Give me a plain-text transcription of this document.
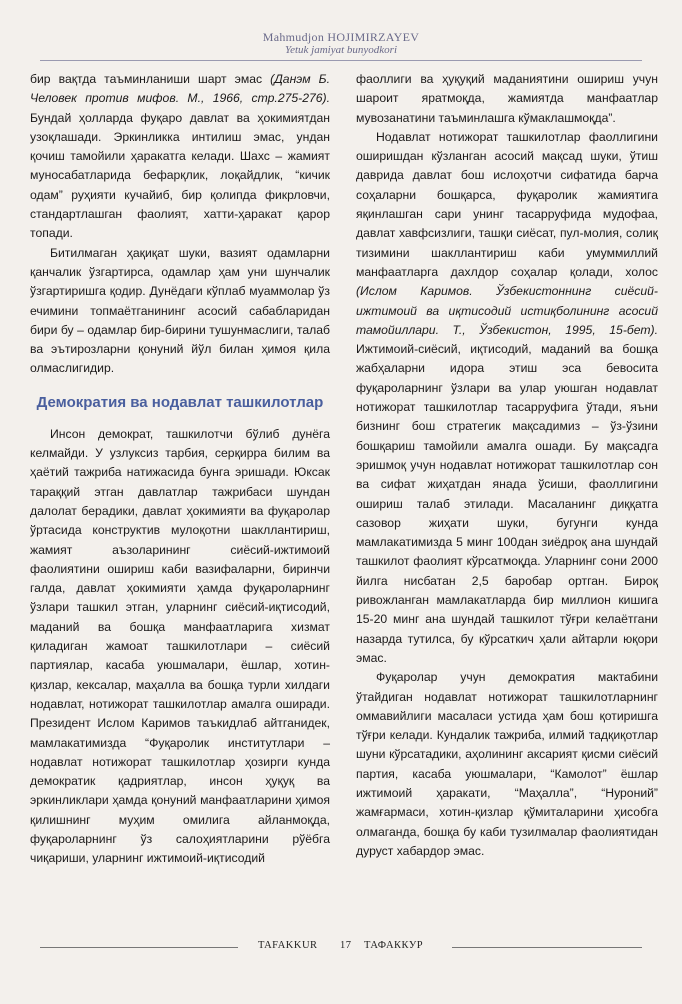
Mahmudjon HOJIMIRZAYEV
Yetuk jamiyat bunyodkori

бир вақтда таъминланиши шарт эмас (Данэм Б. Человек против мифов. М., 1966, стр.275-276). Бундай ҳолларда фуқаро давлат ва ҳокимиятдан узоқлашади. Эркинликка интилиш эмас, ундан қочиш тамойили ҳаракатга келади. Шахс – жамият муносабатларида бефарқлик, лоқайдлик, “кичик одам” руҳияти кучайиб, бир қолипда фикрловчи, стандартлашган фаолият, хатти-ҳаракат қарор топади.

Битилмаган ҳақиқат шуки, вазият одамларни қанчалик ўзгартирса, одамлар ҳам уни шунчалик ўзгартиришга қодир. Дунёдаги кўплаб муаммолар ўз ечимини топмаётганининг асосий сабабларидан бири бу – одамлар бир-бирини тушунмаслиги, талаб ва эътирозларни қонуний йўл билан ҳимоя қила олмаслигидир.

Демократия ва нодавлат ташкилотлар

Инсон демократ, ташкилотчи бўлиб дунёга келмайди. У узлуксиз тарбия, серқирра билим ва ҳаётий тажриба натижасида бунга эришади. Юксак тараққий этган давлатлар тажрибаси шундан далолат берадики, давлат ҳокимияти ва фуқаролар ўртасида конструктив мулоқотни шакллантириш, жамият аъзоларининг сиёсий-ижтимоий фаолиятини ошириш каби вазифаларни, биринчи галда, давлат ҳокимияти ҳамда фуқароларнинг ўзлари ташкил этган, уларнинг сиёсий-иқтисодий, маданий ва бошқа манфаатларига хизмат қиладиган жамоат ташкилотлари – сиёсий партиялар, касаба уюшмалари, ёшлар, хотин-қизлар, кексалар, маҳалла ва бошқа турли хилдаги нодавлат, нотижорат ташкилотлар амалга оширади. Президент Ислом Каримов таъкидлаб айтганидек, мамлакатимизда “Фуқаролик институтлари – нодавлат нотижорат ташкилотлар ҳозирги кунда демократик қадриятлар, инсон ҳуқуқ ва эркинликлари ҳамда қонуний манфаатларини ҳимоя қилишнинг муҳим омилига айланмоқда, фуқароларнинг ўз салоҳиятларини рўёбга чиқариши, уларнинг ижтимоий-иқтисодий

фаоллиги ва ҳуқуқий маданиятини ошириш учун шароит яратмоқда, жамиятда манфаатлар мувозанатини таъминлашга кўмаклашмоқда”.

Нодавлат нотижорат ташкилотлар фаоллигини оширишдан кўзланган асосий мақсад шуки, ўтиш даврида давлат бош ислоҳотчи сифатида барча соҳаларни бошқарса, фуқаролик жамиятига яқинлашган сари унинг тасарруфида мудофаа, давлат хавфсизлиги, ташқи сиёсат, пул-молия, солиқ тизимини шакллантириш каби умуммиллий манфаатларга дахлдор соҳалар қолади, холос (Ислом Каримов. Ўзбекистоннинг сиёсий-ижтимоий ва иқтисодий истиқболининг асосий тамойиллари. Т., Ўзбекистон, 1995, 15-бет). Ижтимоий-сиёсий, иқтисодий, маданий ва бошқа жабҳаларни идора этиш эса бевосита фуқароларнинг ўзлари ва улар уюшган нодавлат нотижорат ташкилотлар тасарруфига ўтади, яъни бизнинг бош стратегик мақсадимиз – ўз-ўзини бошқариш тамойили амалга ошади. Бу мақсадга эришмоқ учун нодавлат нотижорат ташкилотлар сон ва сифат жиҳатдан янада ўсиши, фаоллигини ошириш талаб этилади. Масаланинг диққатга сазовор жиҳати шуки, бугунги кунда мамлакатимизда 5 минг 100дан зиёдроқ ана шундай ташкилот фаолият кўрсатмоқда. Уларнинг сони 2000 йилга нисбатан 2,5 баробар ортган. Бироқ ривожланган мамлакатларда бир миллион кишига 15-20 минг ана шундай ташкилот тўғри келаётгани назарда тутилса, бу кўрсаткич ҳали айтарли юқори эмас.

Фуқаролар учун демократия мактабини ўтайдиган нодавлат нотижорат ташкилотларнинг оммавийлиги масаласи устида ҳам бош қотиришга тўғри келади. Кундалик тажриба, илмий тадқиқотлар шуни кўрсатадики, аҳолининг аксарият қисми сиёсий партия, касаба уюшмалари, “Камолот” ёшлар ижтимоий ҳаракати, “Маҳалла”, “Нуроний” жамғармаси, хотин-қизлар қўмиталарини ҳисобга олмаганда, бошқа бу каби тузилмалар фаолиятидан дуруст хабардор эмас.

TAFAKKUR 17 ТАФАККУР
